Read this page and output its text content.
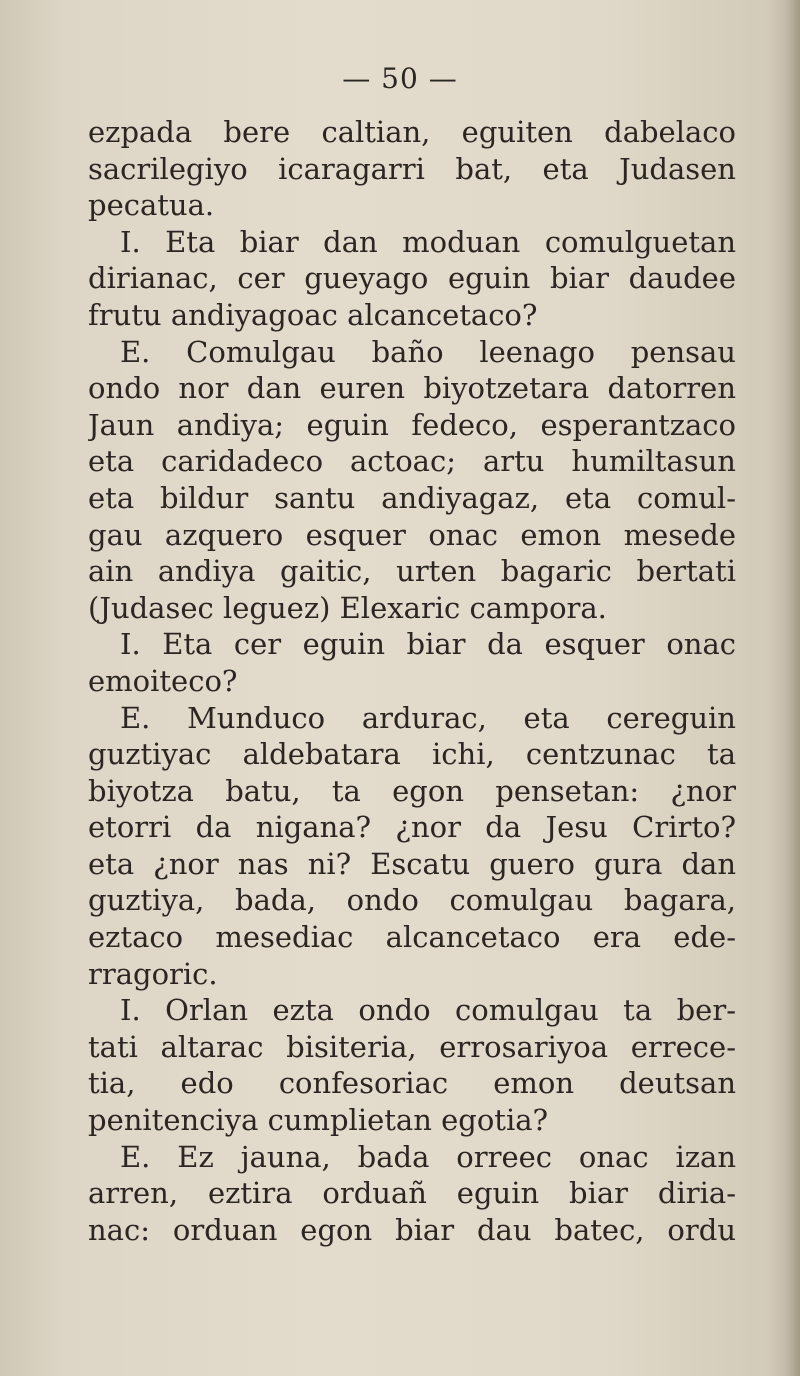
— 50 —
ezpada bere caltian, eguiten dabelaco
sacrilegiyo icaragarri bat, eta Judasen
pecatua.
I. Eta biar dan moduan comulguetan
dirianac, cer gueyago eguin biar daudee
frutu andiyagoac alcancetaco?
E. Comulgau baño leenago pensau
ondo nor dan euren biyotzetara datorren
Jaun andiya; eguin fedeco, esperantzaco
eta caridadeco actoac; artu humiltasun
eta bildur santu andiyagaz, eta comul-
gau azquero esquer onac emon mesede
ain andiya gaitic, urten bagaric bertati
(Judasec leguez) Elexaric campora.
I. Eta cer eguin biar da esquer onac
emoiteco?
E. Munduco ardurac, eta cereguin
guztiyac aldebatara ichi, centzunac ta
biyotza batu, ta egon pensetan: ¿nor
etorri da nigana? ¿nor da Jesu Crirto?
eta ¿nor nas ni? Escatu guero gura dan
guztiya, bada, ondo comulgau bagara,
eztaco mesediac alcancetaco era ede-
rragoric.
I. Orlan ezta ondo comulgau ta ber-
tati altarac bisiteria, errosariyoa errece-
tia, edo confesoriac emon deutsan
penitenciya cumplietan egotia?
E. Ez jauna, bada orreec onac izan
arren, eztira orduañ eguin biar diria-
nac: orduan egon biar dau batec, ordu
